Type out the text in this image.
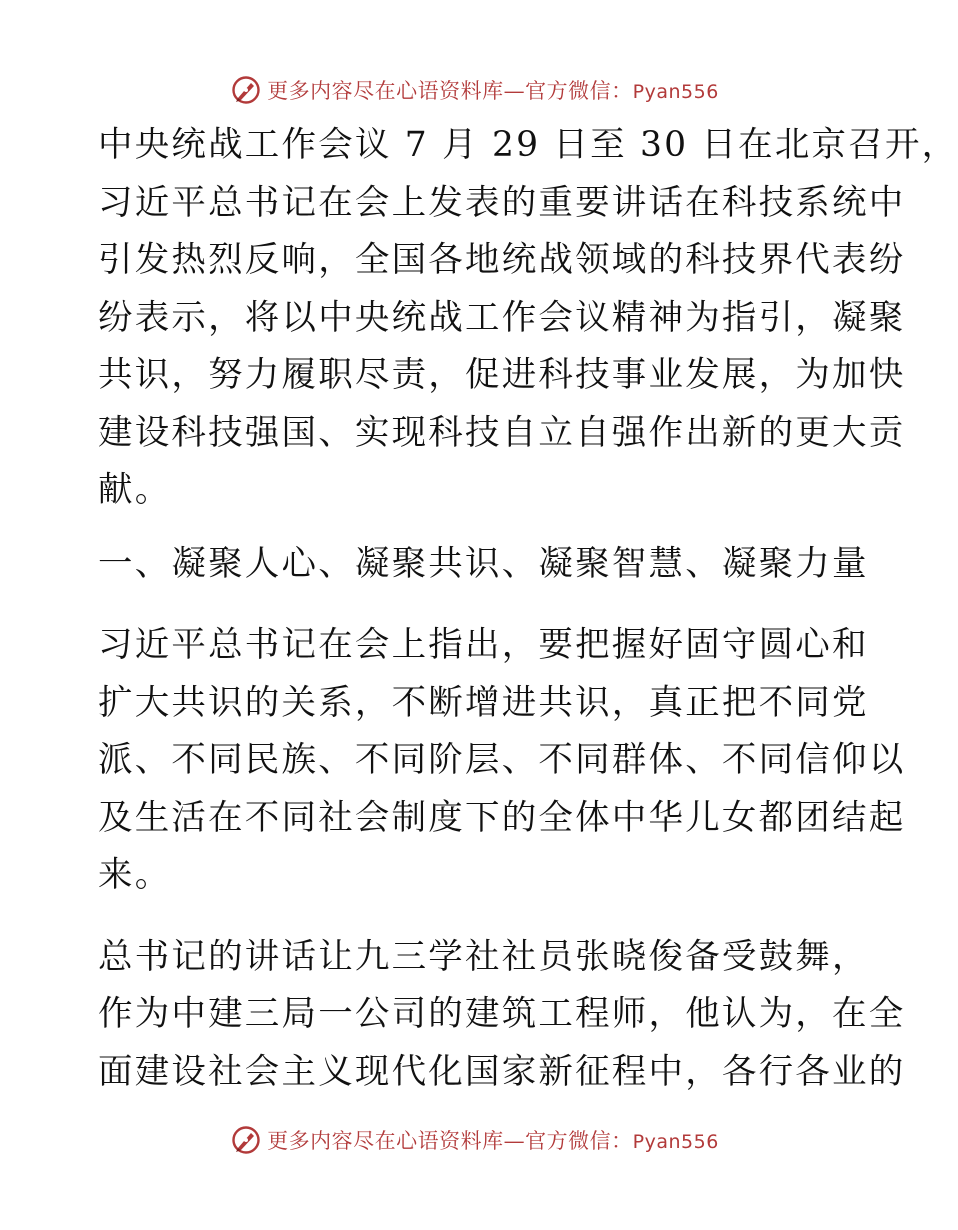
更多内容尽在心语资料库—官方微信：Pyan556
中央统战工作会议 7 月 29 日至 30 日在北京召开，
习近平总书记在会上发表的重要讲话在科技系统中
引发热烈反响，全国各地统战领域的科技界代表纷
纷表示，将以中央统战工作会议精神为指引，凝聚
共识，努力履职尽责，促进科技事业发展，为加快
建设科技强国、实现科技自立自强作出新的更大贡
献。
一、凝聚人心、凝聚共识、凝聚智慧、凝聚力量
习近平总书记在会上指出，要把握好固守圆心和
扩大共识的关系，不断增进共识，真正把不同党
派、不同民族、不同阶层、不同群体、不同信仰以
及生活在不同社会制度下的全体中华儿女都团结起
来。
总书记的讲话让九三学社社员张晓俊备受鼓舞，
作为中建三局一公司的建筑工程师，他认为，在全
面建设社会主义现代化国家新征程中，各行各业的
更多内容尽在心语资料库—官方微信：Pyan556
